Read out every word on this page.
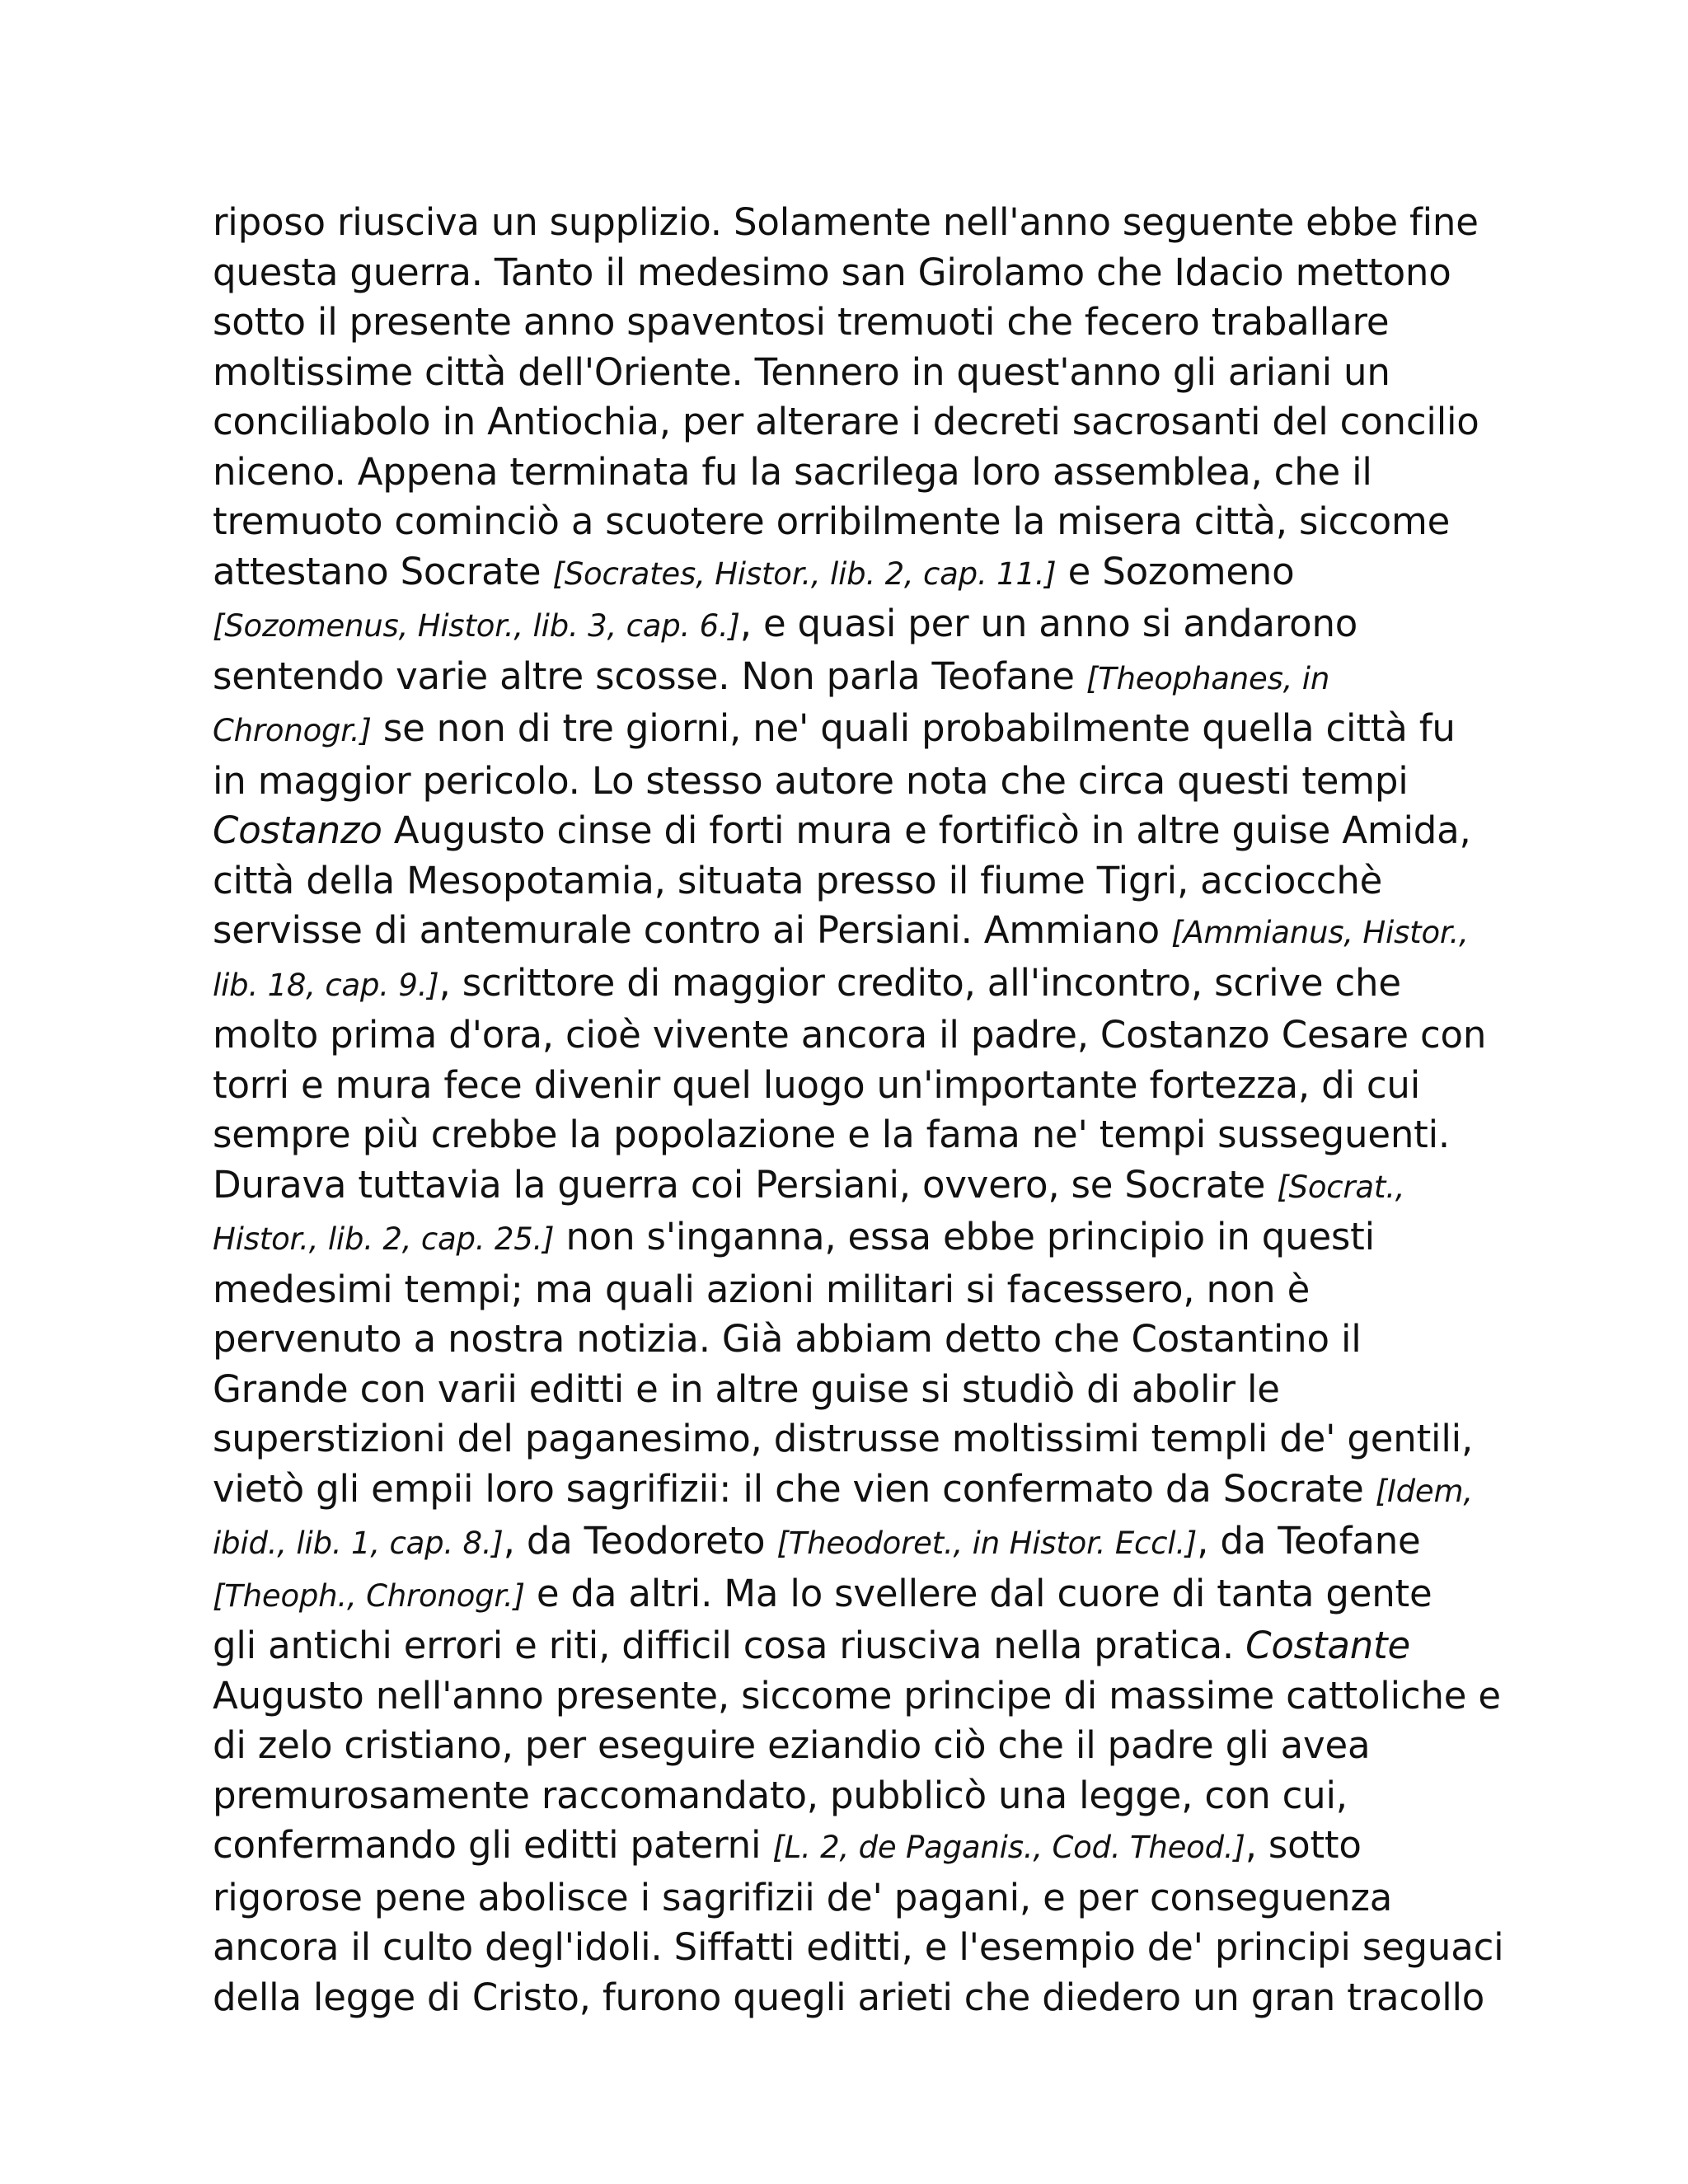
riposo riusciva un supplizio. Solamente nell'anno seguente ebbe fine
questa guerra. Tanto il medesimo san Girolamo che Idacio mettono
sotto il presente anno spaventosi tremuoti che fecero traballare
moltissime città dell'Oriente. Tennero in quest'anno gli ariani un
conciliabolo in Antiochia, per alterare i decreti sacrosanti del concilio
niceno. Appena terminata fu la sacrilega loro assemblea, che il
tremuoto cominciò a scuotere orribilmente la misera città, siccome
attestano Socrate [Socrates, Histor., lib. 2, cap. 11.] e Sozomeno
[Sozomenus, Histor., lib. 3, cap. 6.], e quasi per un anno si andarono
sentendo varie altre scosse. Non parla Teofane [Theophanes, in
Chronogr.] se non di tre giorni, ne' quali probabilmente quella città fu
in maggior pericolo. Lo stesso autore nota che circa questi tempi
Costanzo Augusto cinse di forti mura e fortificò in altre guise Amida,
città della Mesopotamia, situata presso il fiume Tigri, acciocchè
servisse di antemurale contro ai Persiani. Ammiano [Ammianus, Histor.,
lib. 18, cap. 9.], scrittore di maggior credito, all'incontro, scrive che
molto prima d'ora, cioè vivente ancora il padre, Costanzo Cesare con
torri e mura fece divenir quel luogo un'importante fortezza, di cui
sempre più crebbe la popolazione e la fama ne' tempi susseguenti.
Durava tuttavia la guerra coi Persiani, ovvero, se Socrate [Socrat.,
Histor., lib. 2, cap. 25.] non s'inganna, essa ebbe principio in questi
medesimi tempi; ma quali azioni militari si facessero, non è
pervenuto a nostra notizia. Già abbiam detto che Costantino il
Grande con varii editti e in altre guise si studiò di abolir le
superstizioni del paganesimo, distrusse moltissimi templi de' gentili,
vietò gli empii loro sagrifizii: il che vien confermato da Socrate [Idem,
ibid., lib. 1, cap. 8.], da Teodoreto [Theodoret., in Histor. Eccl.], da Teofane
[Theoph., Chronogr.] e da altri. Ma lo svellere dal cuore di tanta gente
gli antichi errori e riti, difficil cosa riusciva nella pratica. Costante
Augusto nell'anno presente, siccome principe di massime cattoliche e
di zelo cristiano, per eseguire eziandio ciò che il padre gli avea
premurosamente raccomandato, pubblicò una legge, con cui,
confermando gli editti paterni [L. 2, de Paganis., Cod. Theod.], sotto
rigorose pene abolisce i sagrifizii de' pagani, e per conseguenza
ancora il culto degl'idoli. Siffatti editti, e l'esempio de' principi seguaci
della legge di Cristo, furono quegli arieti che diedero un gran tracollo
